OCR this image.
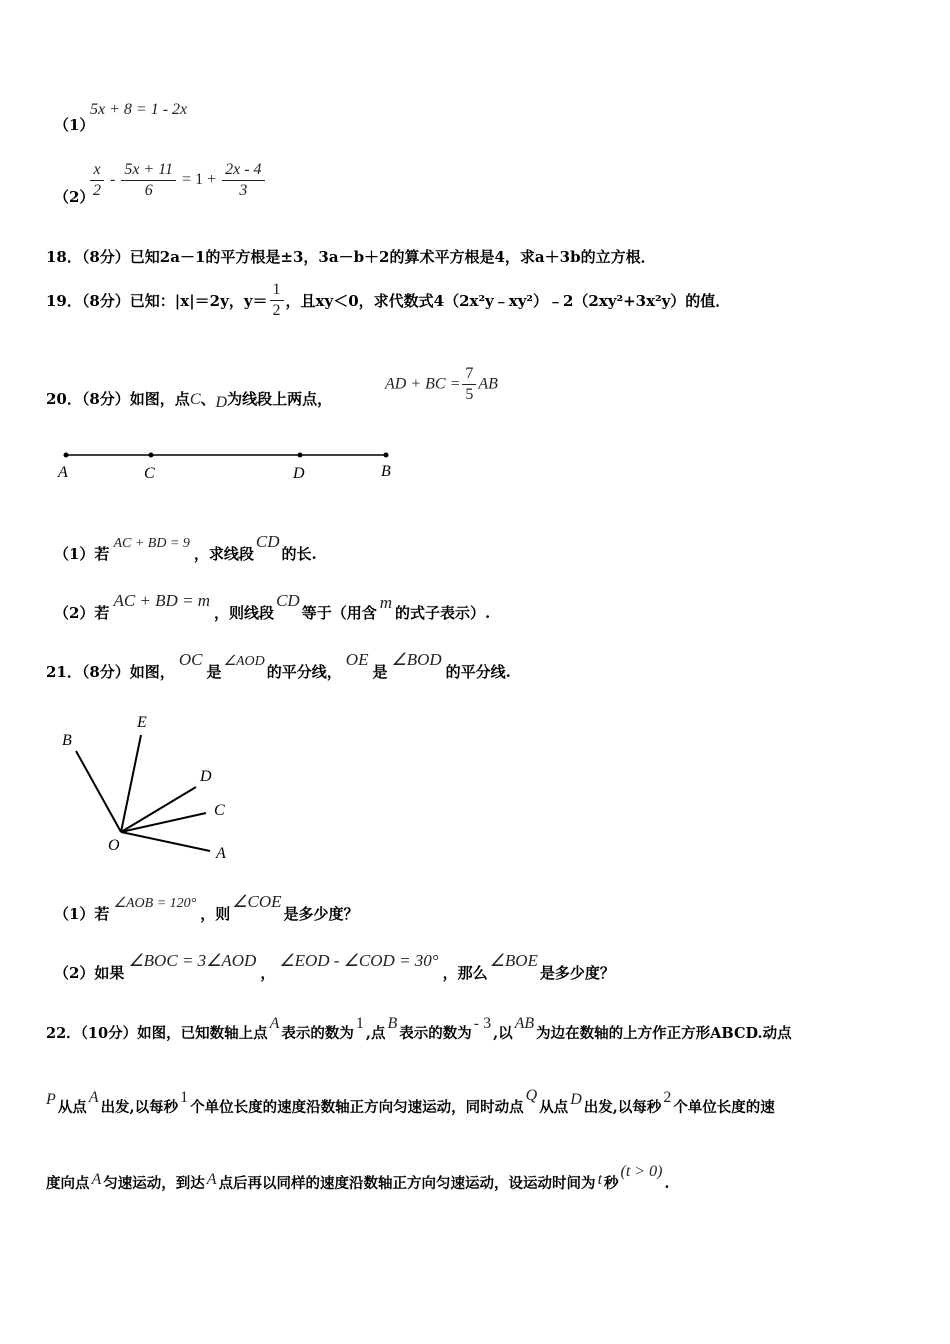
（1）
5x + 8 = 1 - 2x
（2）
$\frac{x}{2} - \frac{5x + 11}{6} = 1 + \frac{2x - 4}{3}$
18．（8分）已知2a－1的平方根是±3，3a－b＋2的算术平方根是4，求a＋3b的立方根．
19．（8分）已知：|x|＝2y，$y= \frac{1}{2}$ ，且xy＜0，求代数式4（2x²y﹣xy²）﹣2（2xy²+3x²y）的值．
20．（8分）如图，点C、D为线段上两点，
AD + BC = $\frac{7}{5}$ AB
A	C	D	B
（1）若AC + BD = 9，求线段CD的长.
（2）若AC + BD = m，则线段CD等于（用含m的式子表示）.
21．（8分）如图，OC是∠AOD的平分线，OE是∠BOD的平分线.
B
E
D
C
O	A
（1）若∠AOB = 120°，则∠COE是多少度？
（2）如果∠BOC = 3∠AOD，∠EOD - ∠COD = 30°，那么∠BOE是多少度？
22．（10分）如图，已知数轴上点A表示的数为1,点B表示的数为- 3,以AB为边在数轴的上方作正方形ABCD.动点
P 从点A出发,以每秒1个单位长度的速度沿数轴正方向匀速运动，同时动点Q从点 D 出发,以每秒2个单位长度的速
度向点 A 匀速运动，到达 A 点后再以同样的速度沿数轴正方向匀速运动，设运动时间为 t 秒(t > 0).
